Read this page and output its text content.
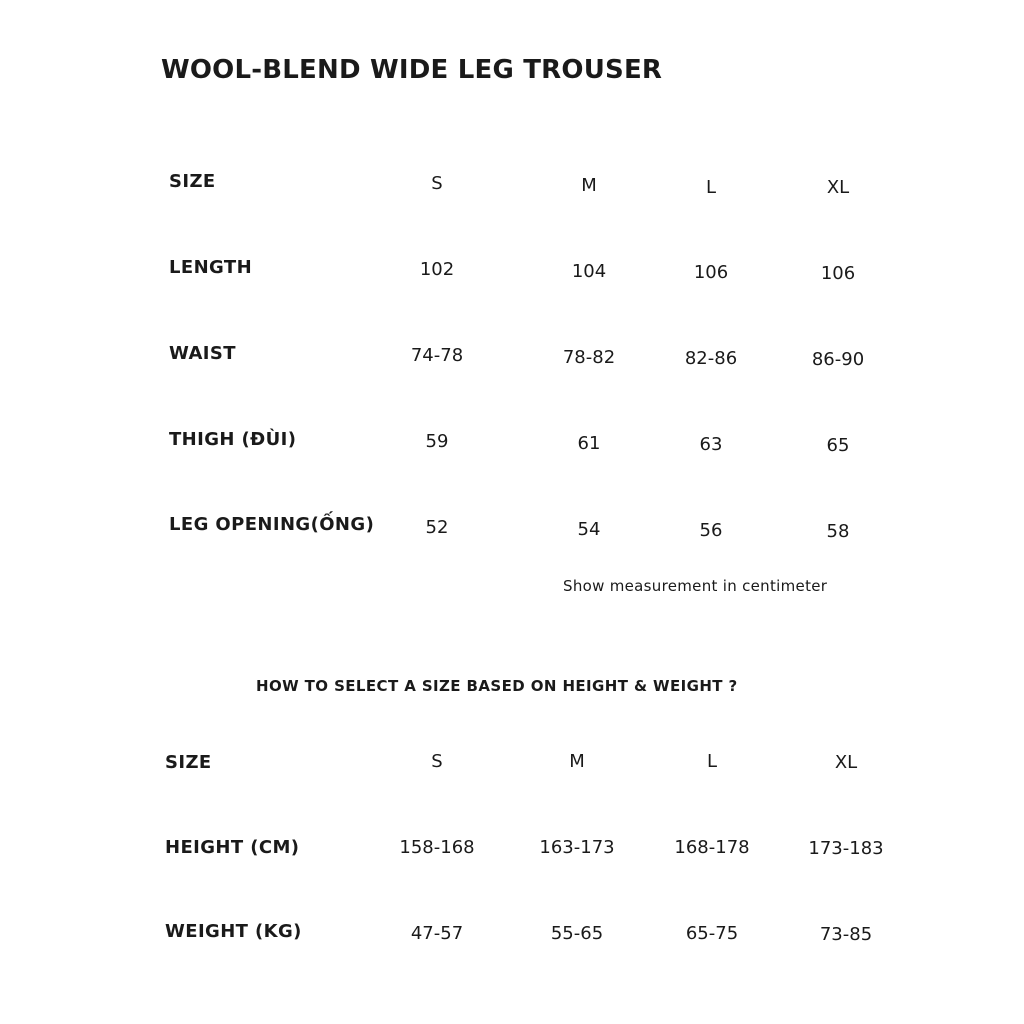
WOOL-BLEND WIDE LEG TROUSER
SIZE	S	M	L	XL
LENGTH	102	104	106	106
WAIST	74-78	78-82	82-86	86-90
THIGH (ĐÙI)	59	61	63	65
LEG OPENING(ỐNG)	52	54	56	58
Show measurement in centimeter
HOW TO SELECT A SIZE BASED ON HEIGHT & WEIGHT ?
SIZE	S	M	L	XL
HEIGHT (CM)	158-168	163-173	168-178	173-183
WEIGHT (KG)	47-57	55-65	65-75	73-85
